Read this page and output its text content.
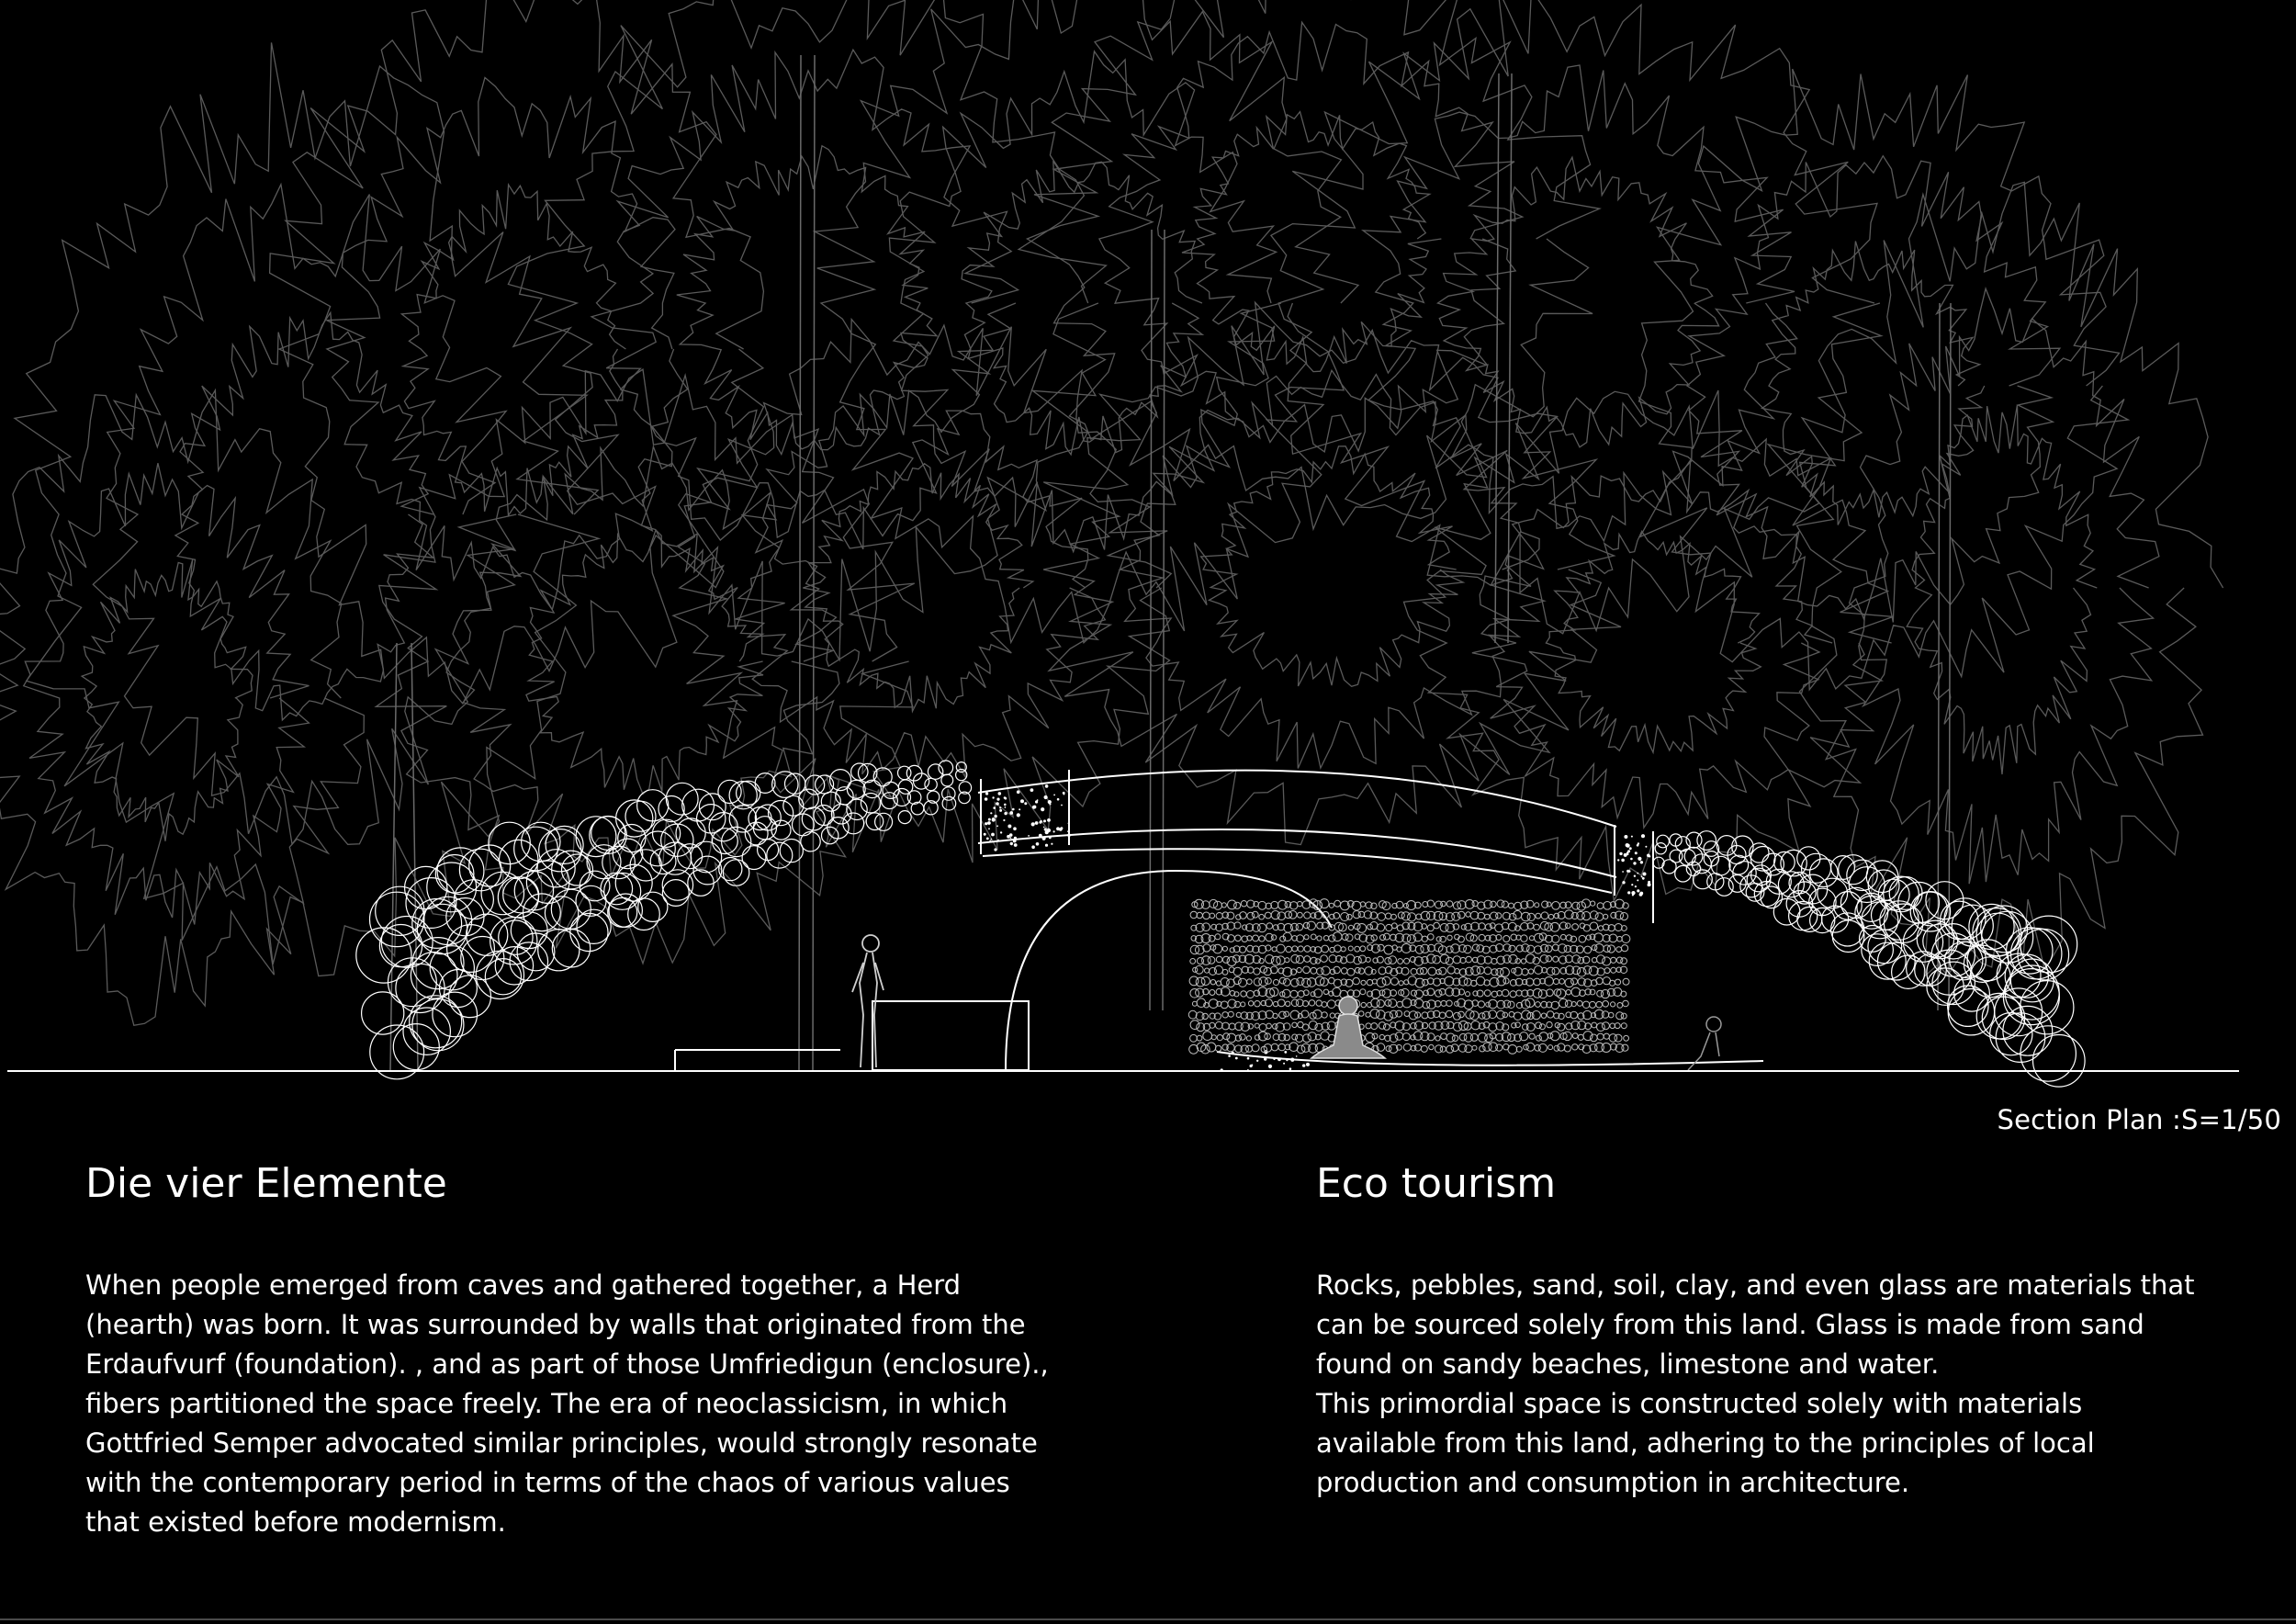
Section Plan :S=1/50
Die vier Elemente
When people emerged from caves and gathered together, a Herd
(hearth) was born. It was surrounded by walls that originated from the
Erdaufvurf (foundation). , and as part of those Umfriedigun (enclosure).,
fibers partitioned the space freely. The era of neoclassicism, in which
Gottfried Semper advocated similar principles, would strongly resonate
with the contemporary period in terms of the chaos of various values
that existed before modernism.
Eco tourism
Rocks, pebbles, sand, soil, clay, and even glass are materials that
can be sourced solely from this land. Glass is made from sand
found on sandy beaches, limestone and water.
This primordial space is constructed solely with materials
available from this land, adhering to the principles of local
production and consumption in architecture.
